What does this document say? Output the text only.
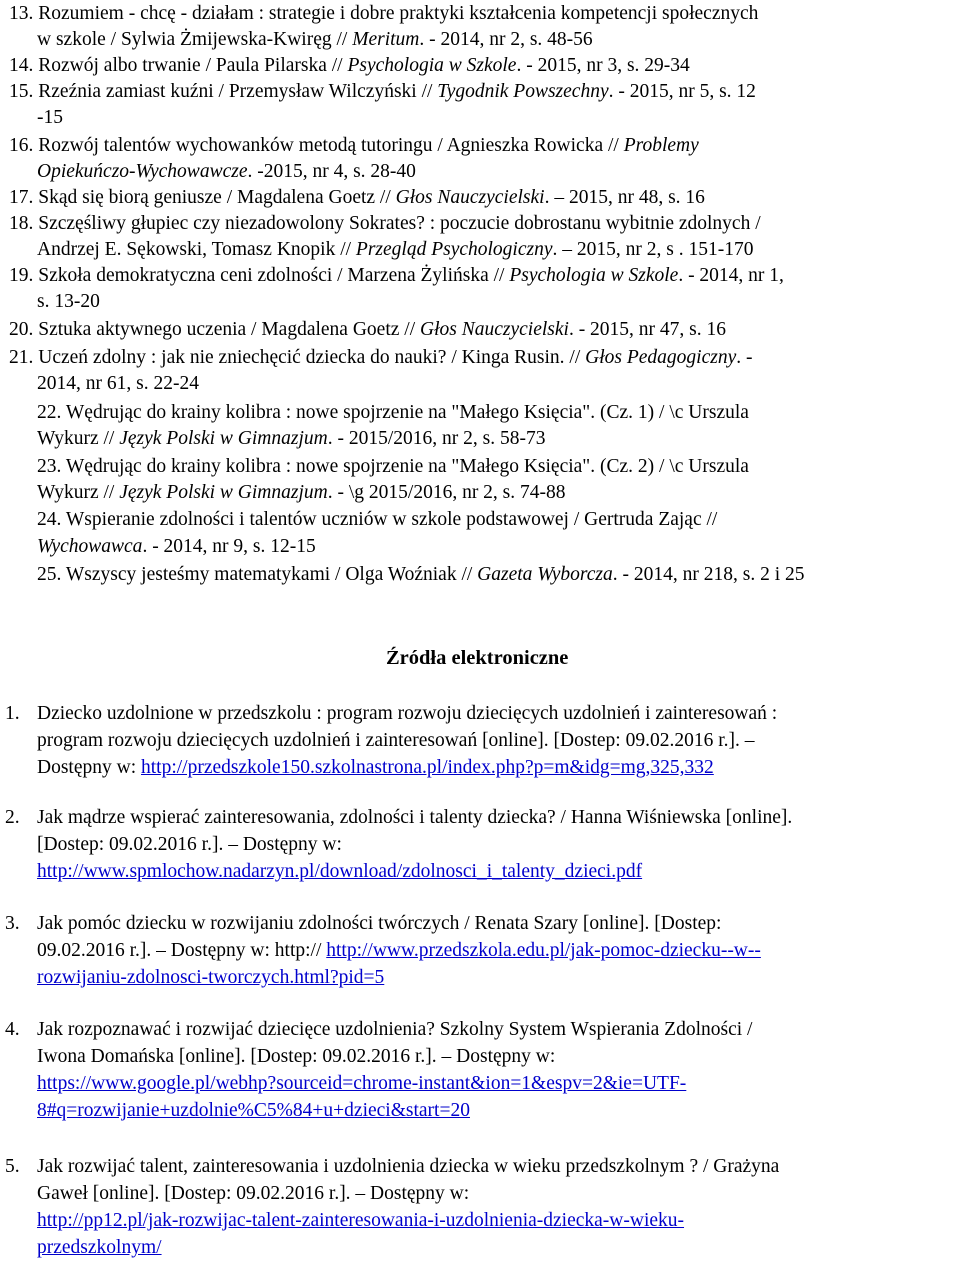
13. Rozumiem - chcę - działam : strategie i dobre praktyki kształcenia kompetencji społecznych
w szkole / Sylwia Żmijewska-Kwiręg // Meritum. - 2014, nr 2, s. 48-56
14. Rozwój albo trwanie / Paula Pilarska // Psychologia w Szkole. - 2015, nr 3, s. 29-34
15. Rzeźnia zamiast kuźni / Przemysław Wilczyński // Tygodnik Powszechny. - 2015, nr 5, s. 12
-15
16. Rozwój talentów wychowanków metodą tutoringu / Agnieszka Rowicka // Problemy
Opiekuńczo-Wychowawcze. -2015, nr 4, s. 28-40
17. Skąd się biorą geniusze / Magdalena Goetz // Głos Nauczycielski. – 2015, nr 48, s. 16
18. Szczęśliwy głupiec czy niezadowolony Sokrates? : poczucie dobrostanu wybitnie zdolnych /
Andrzej E. Sękowski, Tomasz Knopik // Przegląd Psychologiczny. – 2015, nr 2, s . 151-170
19. Szkoła demokratyczna ceni zdolności / Marzena Żylińska // Psychologia w Szkole. - 2014, nr 1,
s. 13-20
20. Sztuka aktywnego uczenia / Magdalena Goetz // Głos Nauczycielski. - 2015, nr 47, s. 16
21. Uczeń zdolny : jak nie zniechęcić dziecka do nauki? / Kinga Rusin. // Głos Pedagogiczny. -
2014, nr 61, s. 22-24
22. Wędrując do krainy kolibra : nowe spojrzenie na "Małego Księcia". (Cz. 1) / \c Urszula
Wykurz // Język Polski w Gimnazjum. - 2015/2016, nr 2, s. 58-73
23. Wędrując do krainy kolibra : nowe spojrzenie na "Małego Księcia". (Cz. 2) / \c Urszula
Wykurz // Język Polski w Gimnazjum. - \g 2015/2016, nr 2, s. 74-88
24. Wspieranie zdolności i talentów uczniów w szkole podstawowej / Gertruda Zając //
Wychowawca. - 2014, nr 9, s. 12-15
25. Wszyscy jesteśmy matematykami / Olga Woźniak // Gazeta Wyborcza. - 2014, nr 218, s. 2 i 25
Źródła elektroniczne
1. Dziecko uzdolnione w przedszkolu : program rozwoju dziecięcych uzdolnień i zainteresowań :
program rozwoju dziecięcych uzdolnień i zainteresowań [online]. [Dostep: 09.02.2016 r.]. –
Dostępny w: http://przedszkole150.szkolnastrona.pl/index.php?p=m&idg=mg,325,332
2. Jak mądrze wspierać zainteresowania, zdolności i talenty dziecka? / Hanna Wiśniewska [online].
[Dostep: 09.02.2016 r.]. – Dostępny w:
http://www.spmlochow.nadarzyn.pl/download/zdolnosci_i_talenty_dzieci.pdf
3. Jak pomóc dziecku w rozwijaniu zdolności twórczych / Renata Szary [online]. [Dostep:
09.02.2016 r.]. – Dostępny w: http:// http://www.przedszkola.edu.pl/jak-pomoc-dziecku--w--
rozwijaniu-zdolnosci-tworczych.html?pid=5
4. Jak rozpoznawać i rozwijać dziecięce uzdolnienia? Szkolny System Wspierania Zdolności /
Iwona Domańska [online]. [Dostep: 09.02.2016 r.]. – Dostępny w:
https://www.google.pl/webhp?sourceid=chrome-instant&ion=1&espv=2&ie=UTF-
8#q=rozwijanie+uzdolnie%C5%84+u+dzieci&start=20
5. Jak rozwijać talent, zainteresowania i uzdolnienia dziecka w wieku przedszkolnym ? / Grażyna
Gaweł [online]. [Dostep: 09.02.2016 r.]. – Dostępny w:
http://pp12.pl/jak-rozwijac-talent-zainteresowania-i-uzdolnienia-dziecka-w-wieku-
przedszkolnym/
